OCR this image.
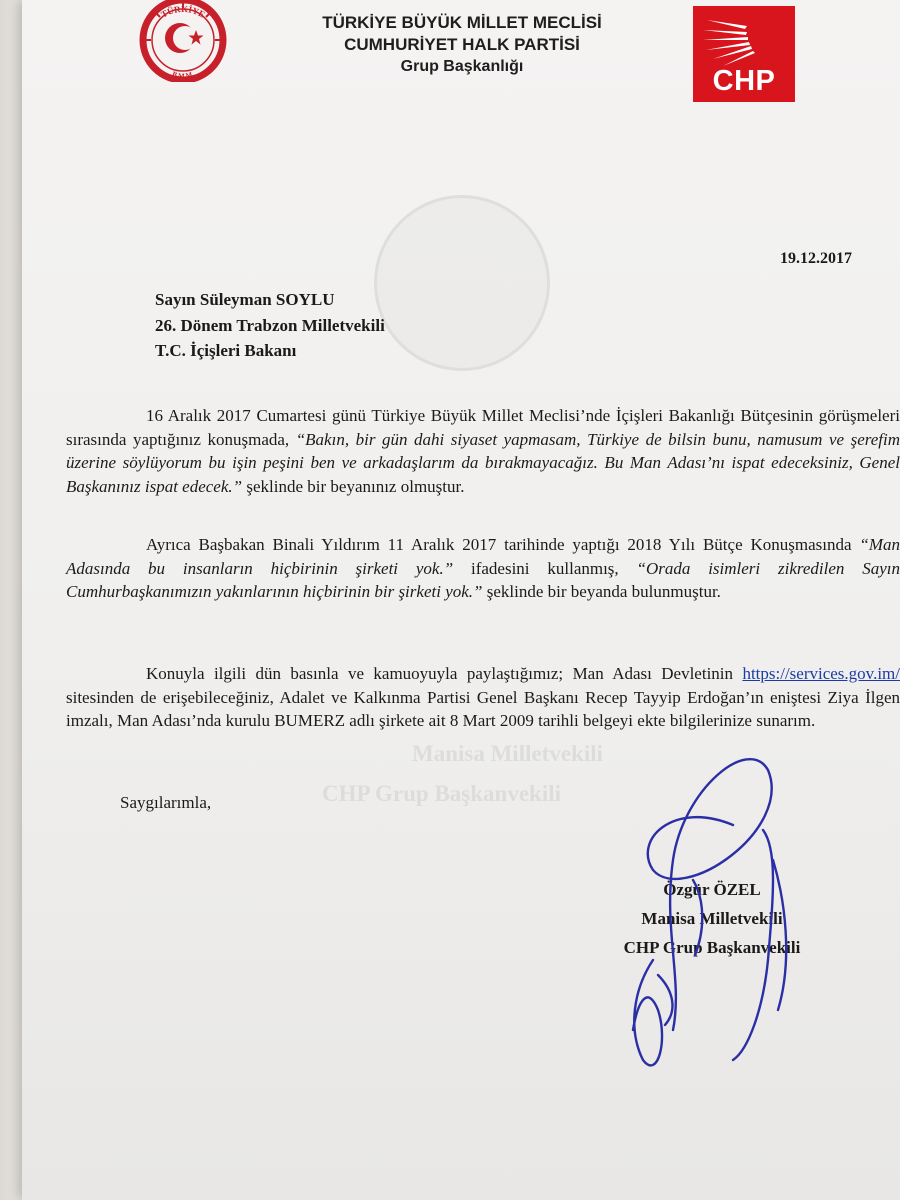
TÜRKİYE
B.M.M.
TÜRKİYE BÜYÜK MİLLET MECLİSİ
CUMHURİYET HALK PARTİSİ
Grup Başkanlığı	CHP
19.12.2017
Sayın Süleyman SOYLU
26. Dönem Trabzon Milletvekili
T.C. İçişleri Bakanı
16 Aralık 2017 Cumartesi günü Türkiye Büyük Millet Meclisi’nde İçişleri Bakanlığı Bütçesinin görüşmeleri sırasında yaptığınız konuşmada, “Bakın, bir gün dahi siyaset yapmasam, Türkiye de bilsin bunu, namusum ve şerefim üzerine söylüyorum bu işin peşini ben ve arkadaşlarım da bırakmayacağız. Bu Man Adası’nı ispat edeceksiniz, Genel Başkanınız ispat edecek.” şeklinde bir beyanınız olmuştur.
Ayrıca Başbakan Binali Yıldırım 11 Aralık 2017 tarihinde yaptığı 2018 Yılı Bütçe Konuşmasında “Man Adasında bu insanların hiçbirinin şirketi yok.” ifadesini kullanmış, “Orada isimleri zikredilen Sayın Cumhurbaşkanımızın yakınlarının hiçbirinin bir şirketi yok.” şeklinde bir beyanda bulunmuştur.
Konuyla ilgili dün basınla ve kamuoyuyla paylaştığımız; Man Adası Devletinin https://services.gov.im/ sitesinden de erişebileceğiniz, Adalet ve Kalkınma Partisi Genel Başkanı Recep Tayyip Erdoğan’ın eniştesi Ziya İlgen imzalı, Man Adası’nda kurulu BUMERZ adlı şirkete ait 8 Mart 2009 tarihli belgeyi ekte bilgilerinize sunarım.
Manisa Milletvekili
CHP Grup Başkanvekili
Saygılarımla,
Özgür ÖZEL
Manisa Milletvekili
CHP Grup Başkanvekili
